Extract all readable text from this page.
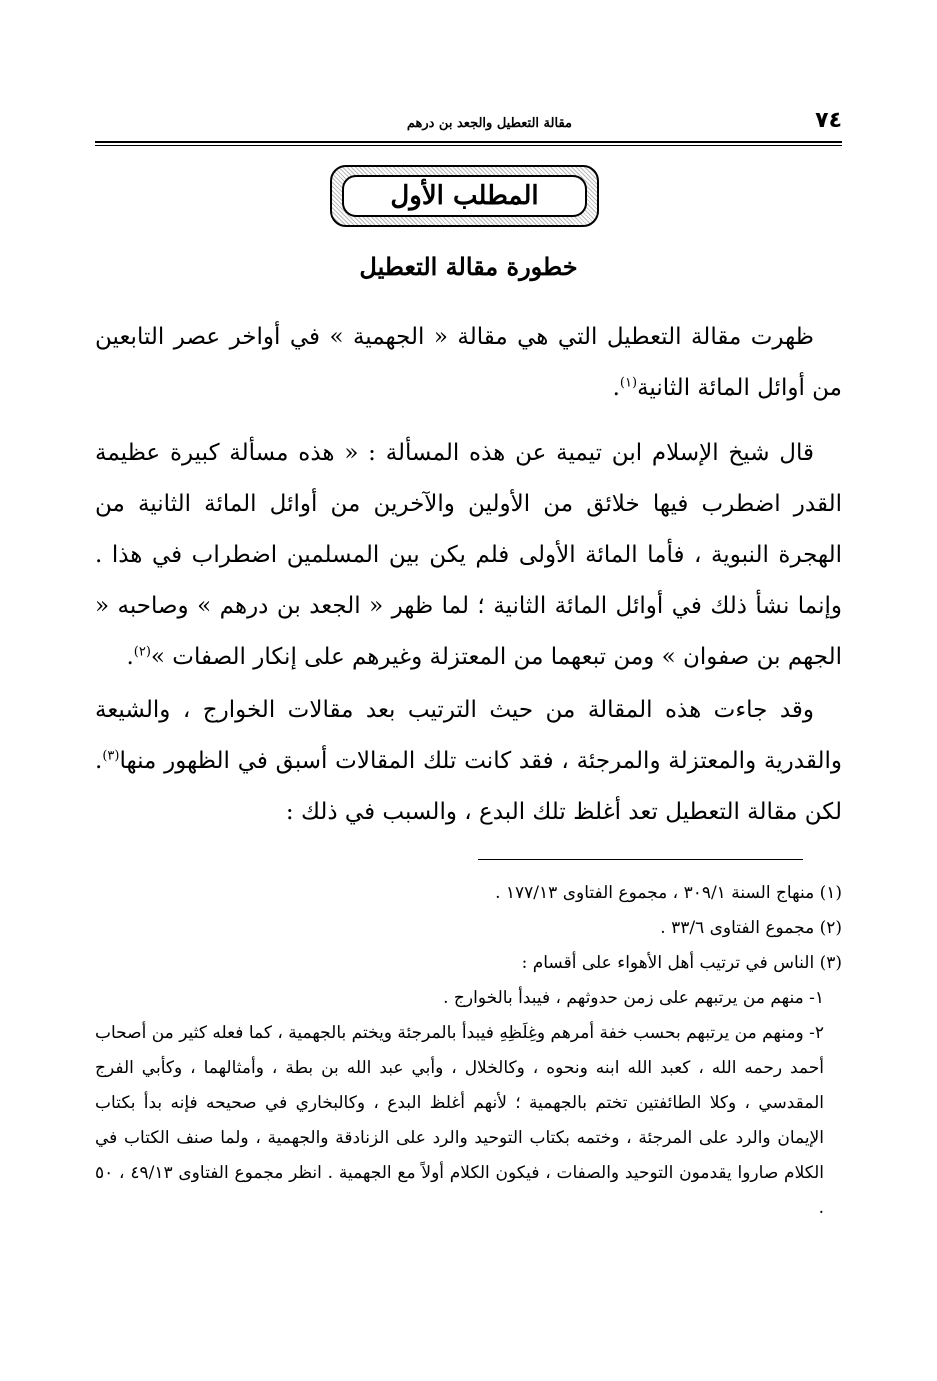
٧٤
مقالة التعطيل والجعد بن درهم
المطلب الأول
خطورة مقالة التعطيل

ظهرت مقالة التعطيل التي هي مقالة « الجهمية » في أواخر عصر التابعين من أوائل المائة الثانية$^{(١)}$.

قال شيخ الإسلام ابن تيمية عن هذه المسألة : « هذه مسألة كبيرة عظيمة القدر اضطرب فيها خلائق من الأولين والآخرين من أوائل المائة الثانية من الهجرة النبوية ، فأما المائة الأولى فلم يكن بين المسلمين اضطراب في هذا . وإنما نشأ ذلك في أوائل المائة الثانية ؛ لما ظهر « الجعد بن درهم » وصاحبه « الجهم بن صفوان » ومن تبعهما من المعتزلة وغيرهم على إنكار الصفات »$^{(٢)}$.

وقد جاءت هذه المقالة من حيث الترتيب بعد مقالات الخوارج ، والشيعة والقدرية والمعتزلة والمرجئة ، فقد كانت تلك المقالات أسبق في الظهور منها$^{(٣)}$. لكن مقالة التعطيل تعد أغلظ تلك البدع ، والسبب في ذلك :

(١) منهاج السنة ٣٠٩/١ ، مجموع الفتاوى ١٧٧/١٣ .

(٢) مجموع الفتاوى ٣٣/٦ .

(٣) الناس في ترتيب أهل الأهواء على أقسام :

١- منهم من يرتبهم على زمن حدوثهم ، فيبدأ بالخوارج .

٢- ومنهم من يرتبهم بحسب خفة أمرهم وغِلَظِهِ فيبدأ بالمرجئة ويختم بالجهمية ، كما فعله كثير من أصحاب أحمد رحمه الله ، كعبد الله ابنه ونحوه ، وكالخلال ، وأبي عبد الله بن بطة ، وأمثالهما ، وكأبي الفرج المقدسي ، وكلا الطائفتين تختم بالجهمية ؛ لأنهم أغلظ البدع ، وكالبخاري في صحيحه فإنه بدأ بكتاب الإيمان والرد على المرجئة ، وختمه بكتاب التوحيد والرد على الزنادقة والجهمية ، ولما صنف الكتاب في الكلام صاروا يقدمون التوحيد والصفات ، فيكون الكلام أولاً مع الجهمية . انظر مجموع الفتاوى ٤٩/١٣ ، ٥٠ .
